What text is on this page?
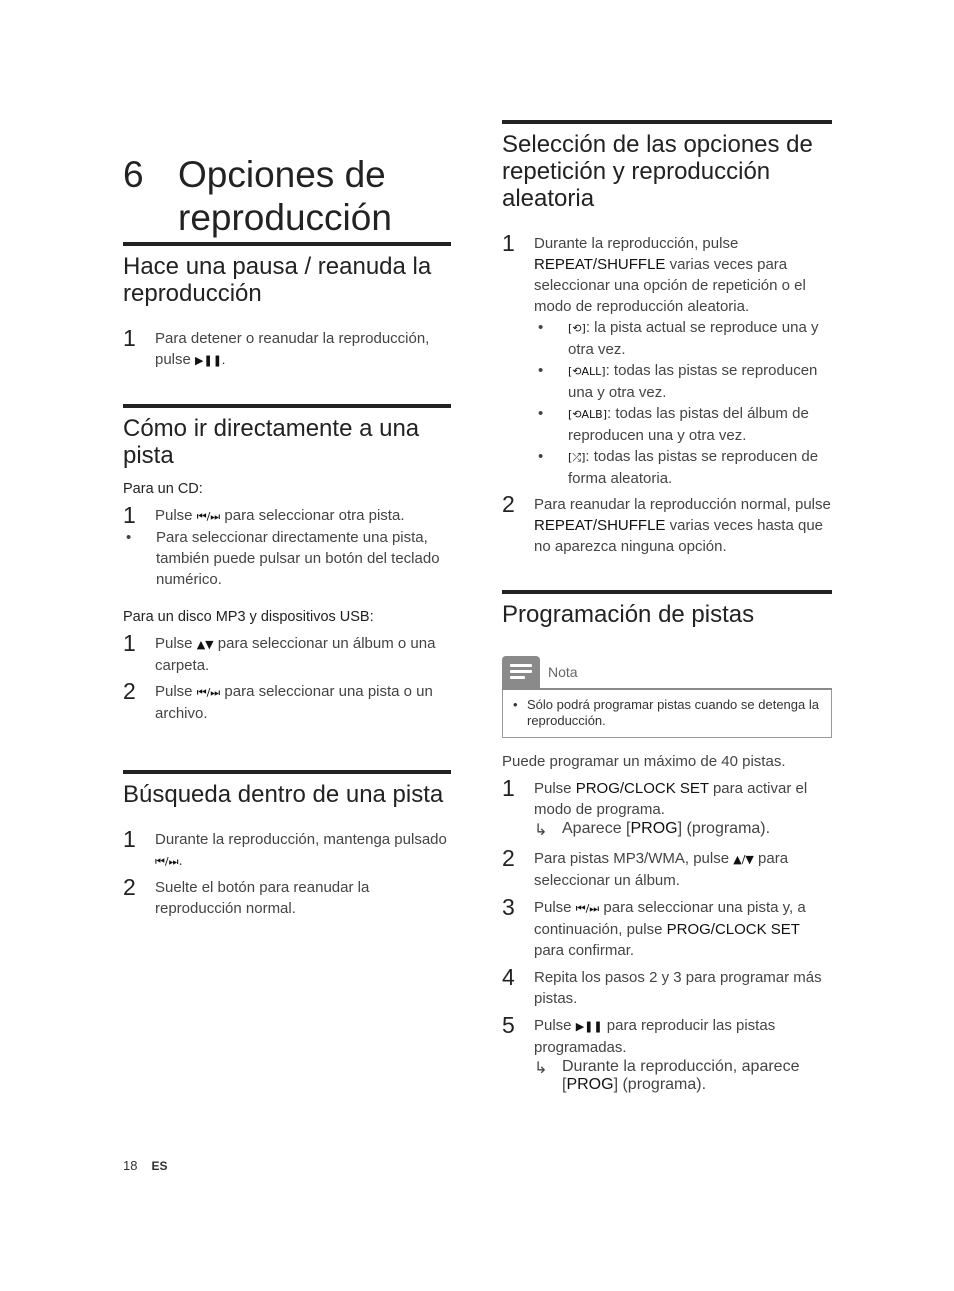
6 Opciones de reproducción
Hace una pausa / reanuda la reproducción
1 Para detener o reanudar la reproducción, pulse ▶❚❚.
Cómo ir directamente a una pista

Para un CD:

1 Pulse ⏮/⏭ para seleccionar otra pista.
• Para seleccionar directamente una pista, también puede pulsar un botón del teclado numérico.

Para un disco MP3 y dispositivos USB:

1 Pulse ▲▼ para seleccionar un álbum o una carpeta.
2 Pulse ⏮/⏭ para seleccionar una pista o un archivo.
Búsqueda dentro de una pista
1 Durante la reproducción, mantenga pulsado ⏮/⏭.
2 Suelte el botón para reanudar la reproducción normal.
Selección de las opciones de repetición y reproducción aleatoria
1 Durante la reproducción, pulse REPEAT/SHUFFLE varias veces para seleccionar una opción de repetición o el modo de reproducción aleatoria.
• [⟲]: la pista actual se reproduce una y otra vez.
• [⟲ALL]: todas las pistas se reproducen una y otra vez.
• [⟲ALB]: todas las pistas del álbum de reproducen una y otra vez.
• [⤮]: todas las pistas se reproducen de forma aleatoria.
2 Para reanudar la reproducción normal, pulse REPEAT/SHUFFLE varias veces hasta que no aparezca ninguna opción.
Programación de pistas
Nota
• Sólo podrá programar pistas cuando se detenga la reproducción.

Puede programar un máximo de 40 pistas.

1 Pulse PROG/CLOCK SET para activar el modo de programa.
↳ Aparece [PROG] (programa).
2 Para pistas MP3/WMA, pulse ▲/▼ para seleccionar un álbum.
3 Pulse ⏮/⏭ para seleccionar una pista y, a continuación, pulse PROG/CLOCK SET para confirmar.
4 Repita los pasos 2 y 3 para programar más pistas.
5 Pulse ▶❚❚ para reproducir las pistas programadas.
↳ Durante la reproducción, aparece [PROG] (programa).
18 ES
